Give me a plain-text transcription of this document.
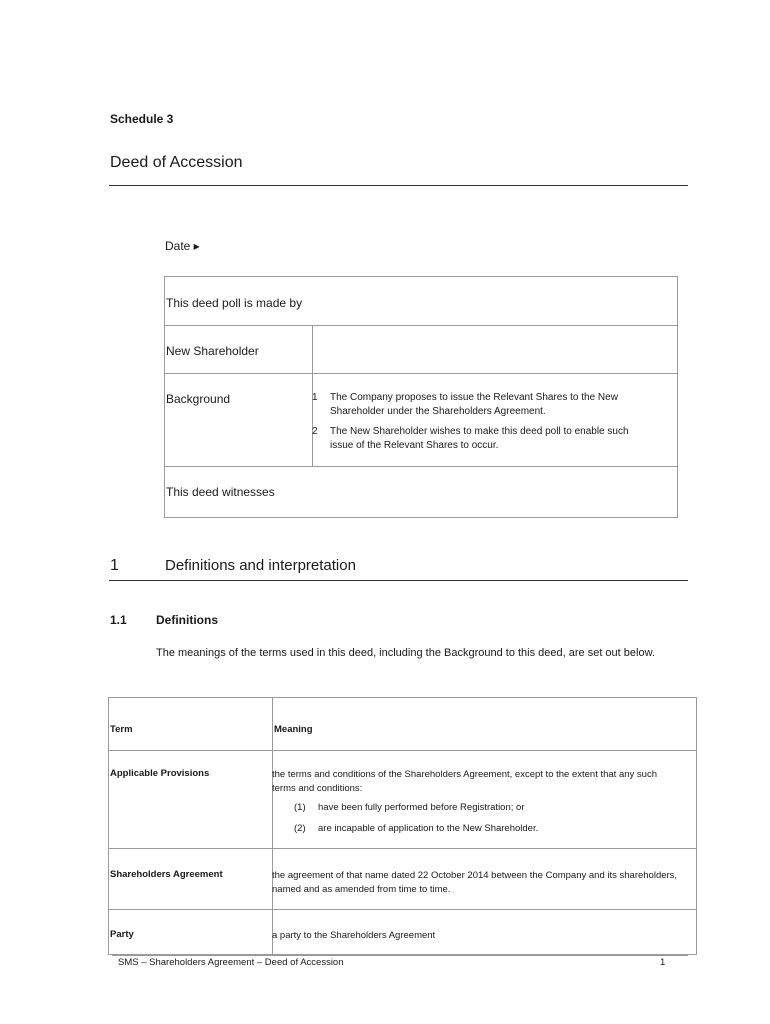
Schedule 3
Deed of Accession
Date ▸
This deed poll is made by
New Shareholder
Background	1 The Company proposes to issue the Relevant Shares to the New Shareholder under the Shareholders Agreement.
2 The New Shareholder wishes to make this deed poll to enable such issue of the Relevant Shares to occur.
This deed witnesses
1	Definitions and interpretation
1.1 Definitions
The meanings of the terms used in this deed, including the Background to this deed, are set out below.
Term	Meaning
Applicable Provisions	the terms and conditions of the Shareholders Agreement, except to the extent that any such terms and conditions:
(1) have been fully performed before Registration; or
(2) are incapable of application to the New Shareholder.
Shareholders Agreement	the agreement of that name dated 22 October 2014 between the Company and its shareholders, named and as amended from time to time.
Party	a party to the Shareholders Agreement
SMS – Shareholders Agreement – Deed of Accession	1
